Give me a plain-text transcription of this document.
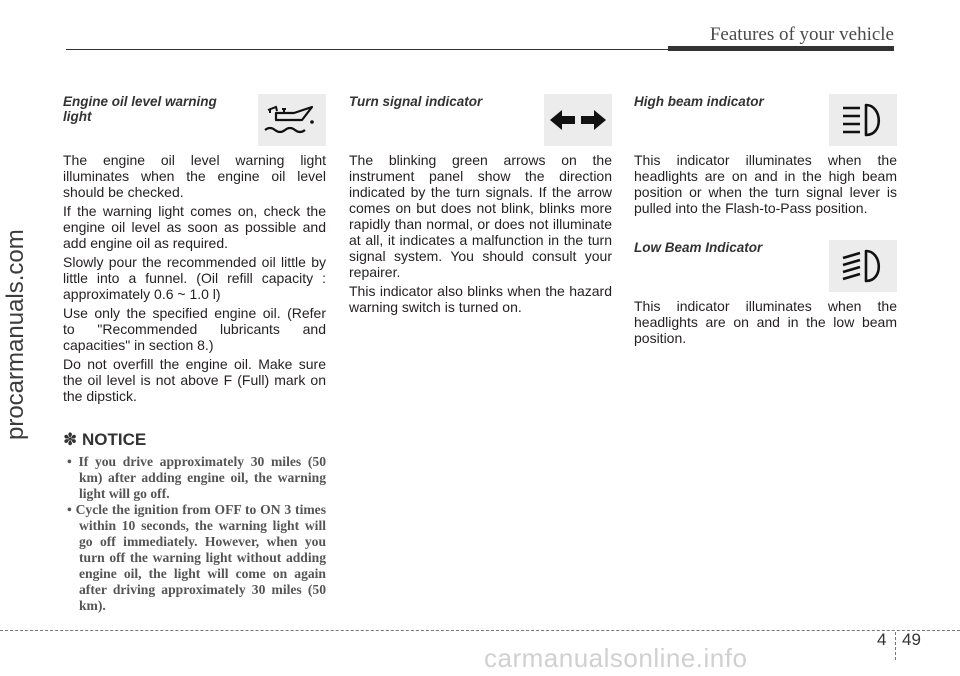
Features of your vehicle
procarmanuals.com

Engine oil level warning light

The engine oil level warning light illuminates when the engine oil level should be checked.

If the warning light comes on, check the engine oil level as soon as possible and add engine oil as required.

Slowly pour the recommended oil little by little into a funnel. (Oil refill capacity : approximately 0.6 ~ 1.0 l)

Use only the specified engine oil. (Refer to "Recommended lubricants and capacities" in section 8.)

Do not overfill the engine oil. Make sure the oil level is not above F (Full) mark on the dipstick.

✽ NOTICE
• If you drive approximately 30 miles (50 km) after adding engine oil, the warning light will go off.
• Cycle the ignition from OFF to ON 3 times within 10 seconds, the warning light will go off immediately. However, when you turn off the warning light without adding engine oil, the light will come on again after driving approximately 30 miles (50 km).

Turn signal indicator

The blinking green arrows on the instrument panel show the direction indicated by the turn signals. If the arrow comes on but does not blink, blinks more rapidly than normal, or does not illuminate at all, it indicates a malfunction in the turn signal system. You should consult your repairer.

This indicator also blinks when the hazard warning switch is turned on.

High beam indicator

This indicator illuminates when the headlights are on and in the high beam position or when the turn signal lever is pulled into the Flash-to-Pass position.

Low Beam Indicator

This indicator illuminates when the headlights are on and in the low beam position.

4 49
carmanualsonline.info
